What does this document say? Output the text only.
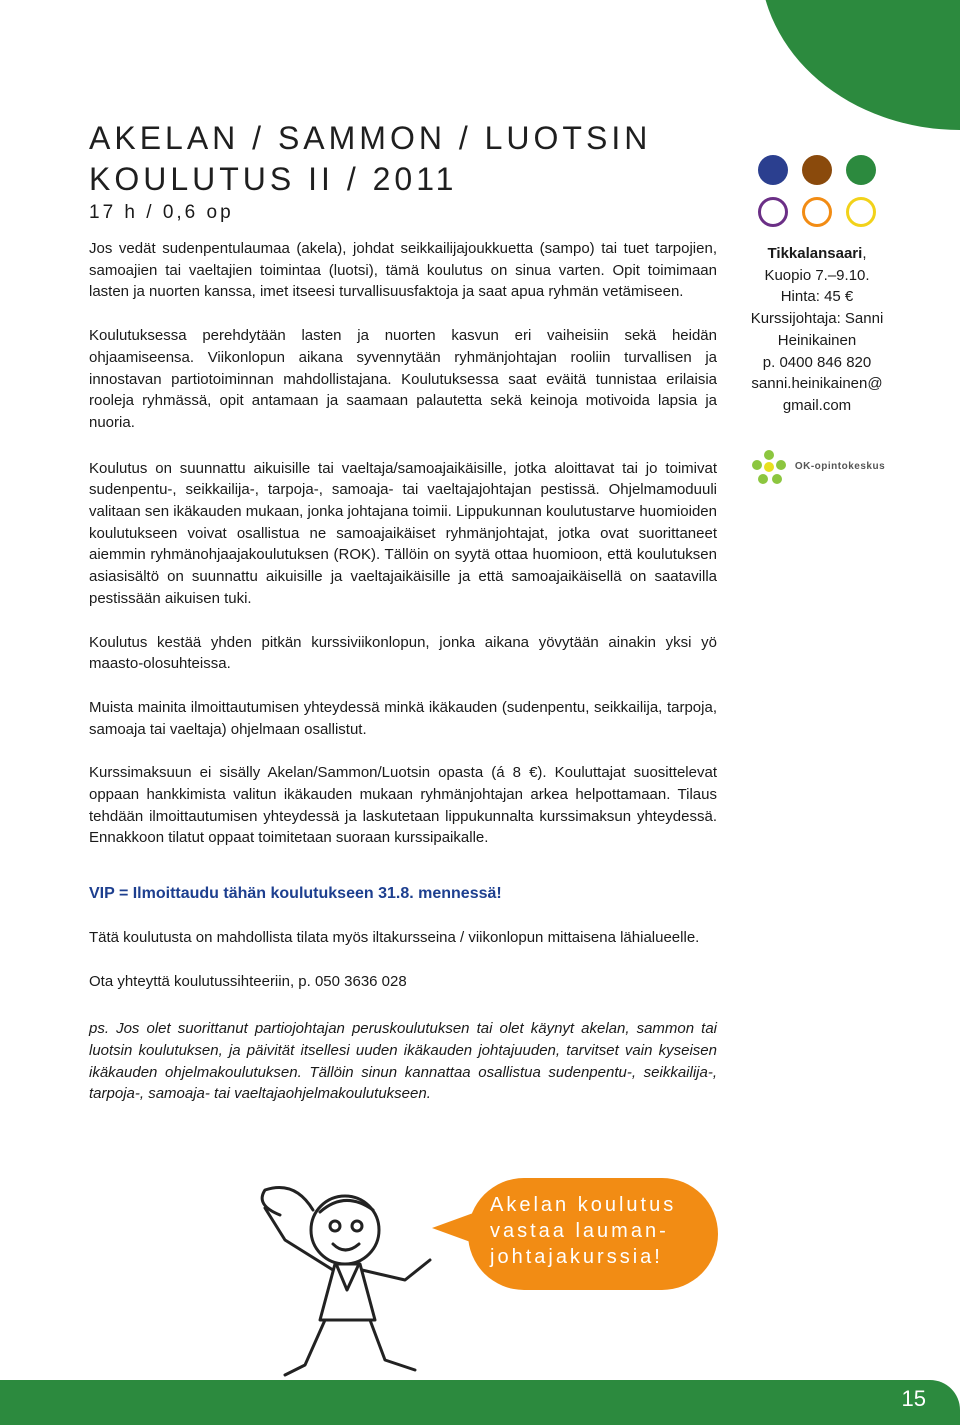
AKELAN / SAMMON / LUOTSIN
KOULUTUS II / 2011
17 h / 0,6 op

Jos vedät sudenpentulaumaa (akela), johdat seikkailijajoukkuetta (sampo) tai tuet tarpojien, samoajien tai vaeltajien toimintaa (luotsi), tämä koulutus on sinua varten. Opit toimimaan lasten ja nuorten kanssa, imet itseesi turvallisuusfaktoja ja saat apua ryhmän vetämiseen.

Koulutuksessa perehdytään lasten ja nuorten kasvun eri vaiheisiin sekä heidän ohjaamiseensa. Viikonlopun aikana syvennytään ryhmänjohtajan rooliin turvallisen ja innostavan partiotoiminnan mahdollistajana. Koulutuksessa saat eväitä tunnistaa erilaisia rooleja ryhmässä, opit antamaan ja saamaan palautetta sekä keinoja motivoida lapsia ja nuoria.

Koulutus on suunnattu aikuisille tai vaeltaja/samoajaikäisille, jotka aloittavat tai jo toimivat sudenpentu-, seikkailija-, tarpoja-, samoaja- tai vaeltajajohtajan pestissä. Ohjelmamoduuli valitaan sen ikäkauden mukaan, jonka johtajana toimii. Lippukunnan koulutustarve huomioiden koulutukseen voivat osallistua ne samoajaikäiset ryhmänjohtajat, jotka ovat suorittaneet aiemmin ryhmänohjaajakoulutuksen (ROK). Tällöin on syytä ottaa huomioon, että koulutuksen asiasisältö on suunnattu aikuisille ja vaeltajaikäisille ja että samoajaikäisellä on saatavilla pestissään aikuisen tuki.

Koulutus kestää yhden pitkän kurssiviikonlopun, jonka aikana yövytään ainakin yksi yö maasto-olosuhteissa.

Muista mainita ilmoittautumisen yhteydessä minkä ikäkauden (sudenpentu, seikkailija, tarpoja, samoaja tai vaeltaja) ohjelmaan osallistut.

Kurssimaksuun ei sisälly Akelan/Sammon/Luotsin opasta (á 8 €). Kouluttajat suosittelevat oppaan hankkimista valitun ikäkauden mukaan ryhmänjohtajan arkea helpottamaan. Tilaus tehdään ilmoittautumisen yhteydessä ja laskutetaan lippukunnalta kurssimaksun yhteydessä. Ennakkoon tilatut oppaat toimitetaan suoraan kurssipaikalle.

VIP = Ilmoittaudu tähän koulutukseen 31.8. mennessä!

Tätä koulutusta on mahdollista tilata myös iltakursseina / viikonlopun mittaisena lähialueelle.

Ota yhteyttä koulutussihteeriin, p. 050 3636 028

ps. Jos olet suorittanut partiojohtajan peruskoulutuksen tai olet käynyt akelan, sammon tai luotsin koulutuksen, ja päivität itsellesi uuden ikäkauden johtajuuden, tarvitset vain kyseisen ikäkauden ohjelmakoulutuksen. Tällöin sinun kannattaa osallistua sudenpentu-, seikkailija-, tarpoja-, samoaja- tai vaeltajaohjelmakoulutukseen.

Tikkalansaari,
Kuopio 7.–9.10.
Hinta: 45 €
Kurssijohtaja: Sanni
Heinikainen
p. 0400 846 820
sanni.heinikainen@
gmail.com
OK-opintokeskus
Akelan koulutus
vastaa lauman-
johtajakurssia!
15
